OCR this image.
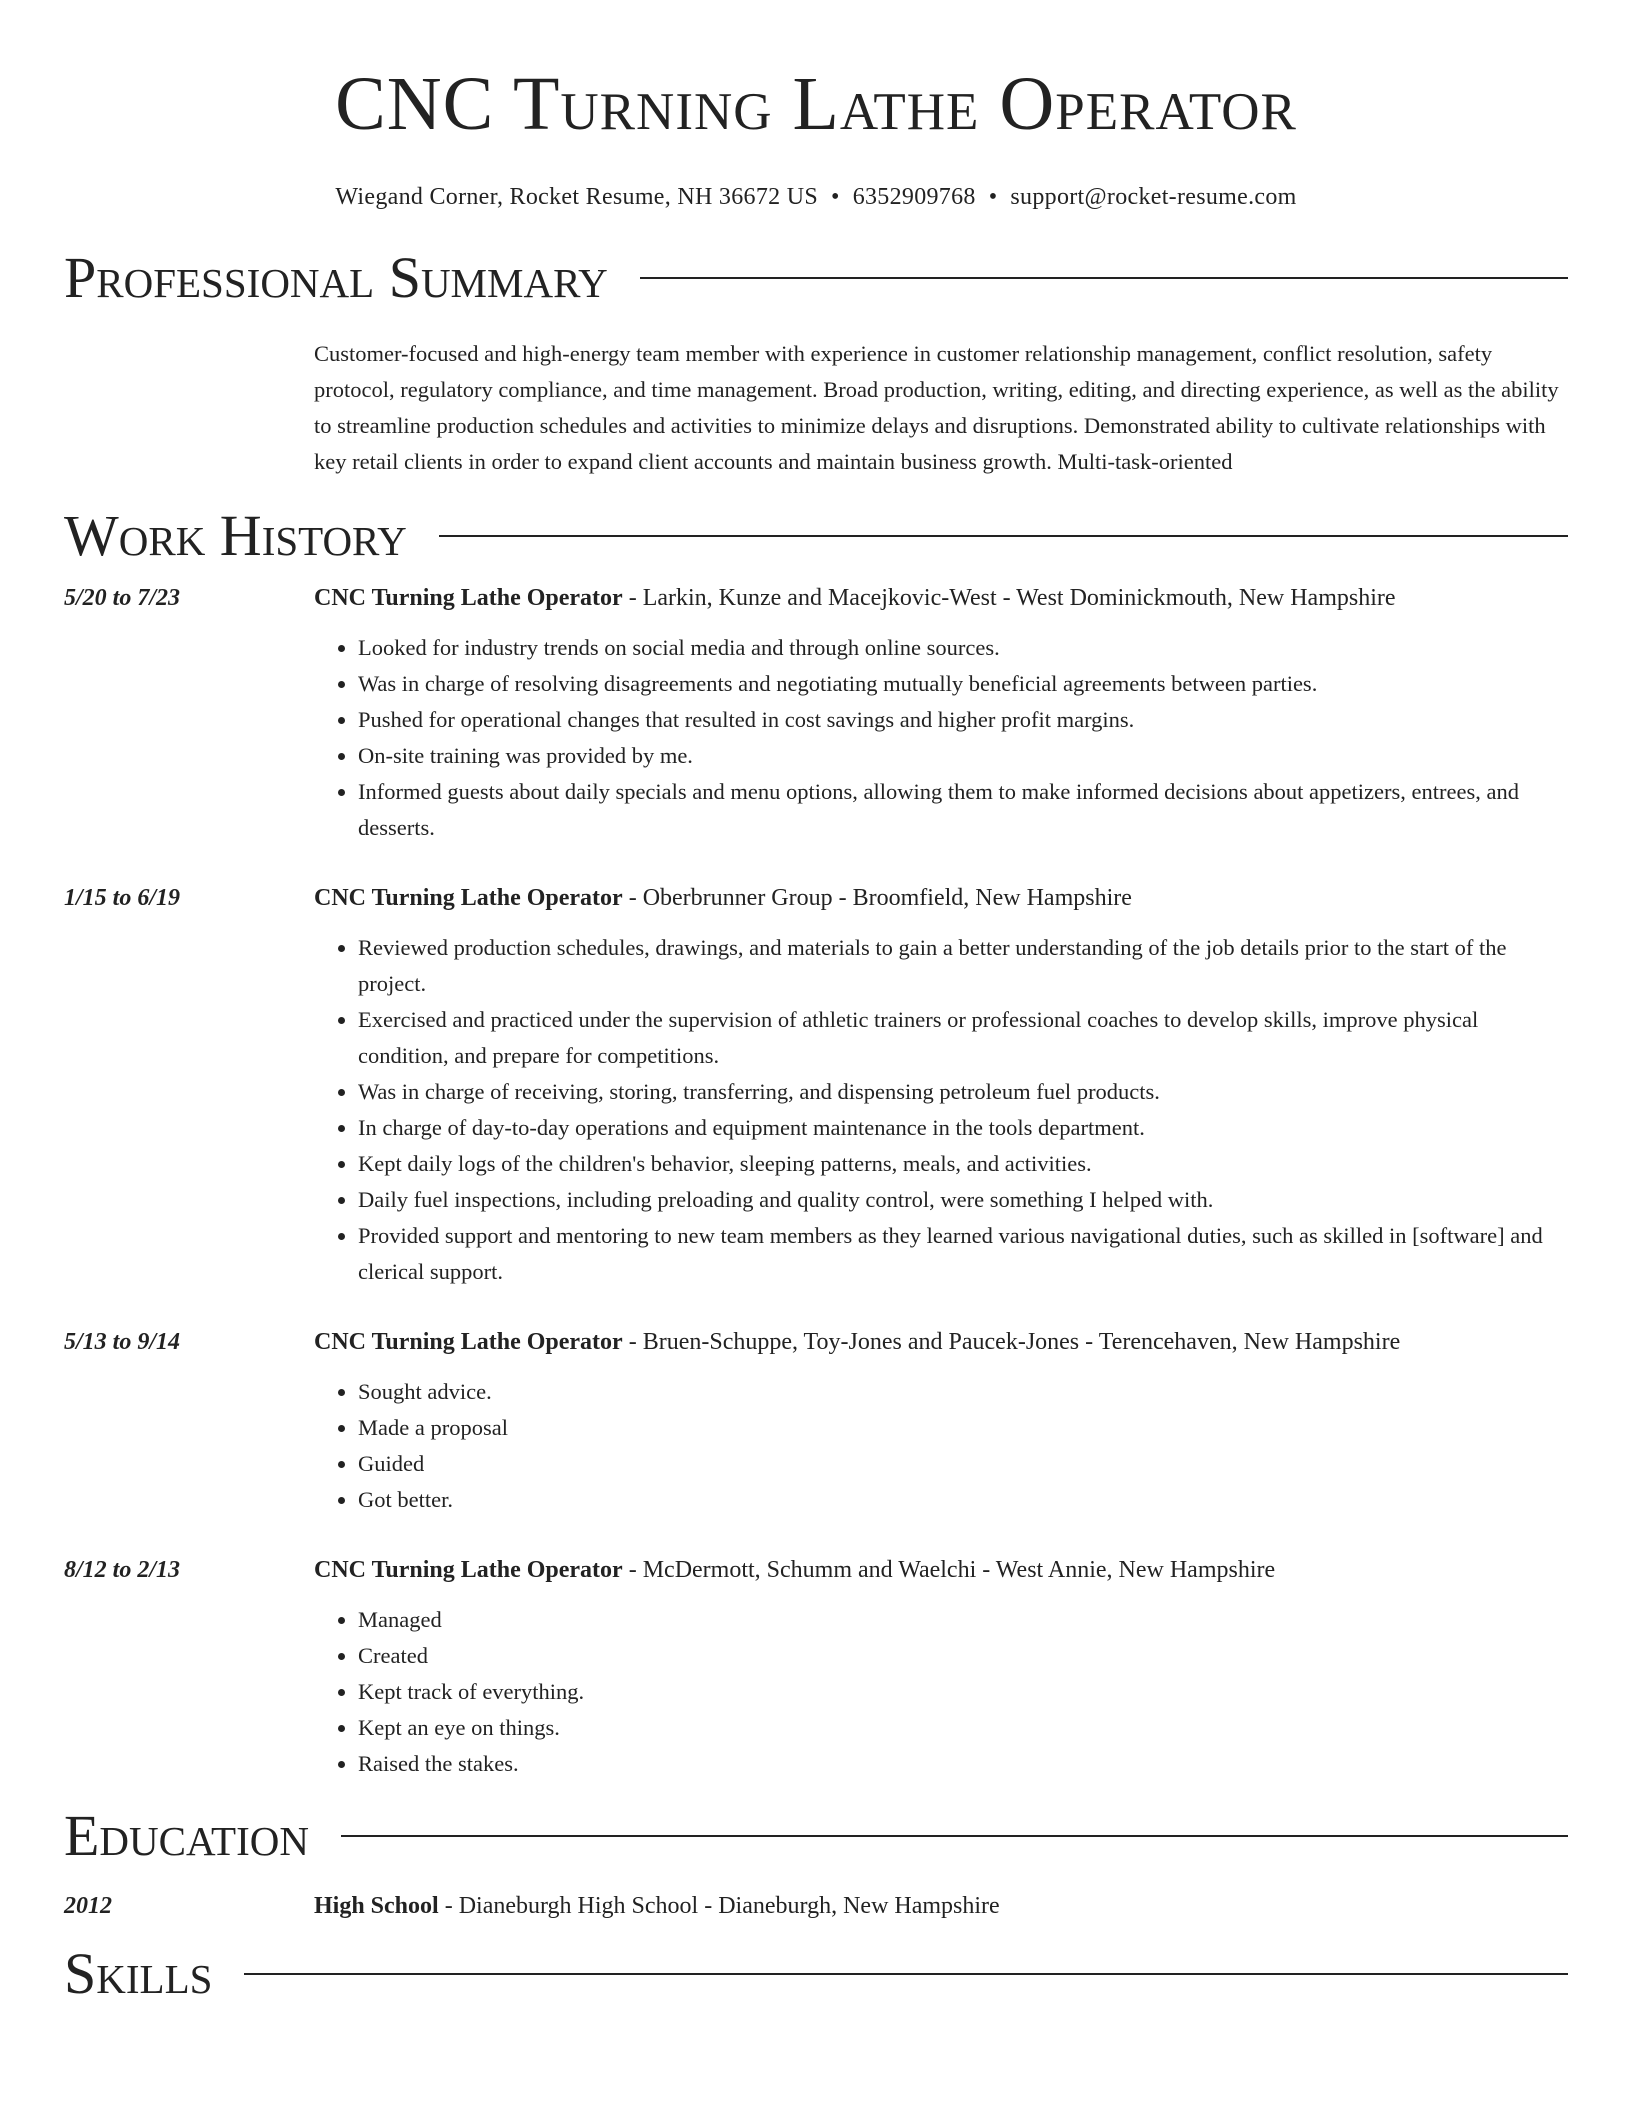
CNC Turning Lathe Operator
Wiegand Corner, Rocket Resume, NH 36672 US • 6352909768 • support@rocket-resume.com
Professional Summary

Customer-focused and high-energy team member with experience in customer relationship management, conflict resolution, safety protocol, regulatory compliance, and time management. Broad production, writing, editing, and directing experience, as well as the ability to streamline production schedules and activities to minimize delays and disruptions. Demonstrated ability to cultivate relationships with key retail clients in order to expand client accounts and maintain business growth. Multi-task-oriented

Work History
5/20 to 7/23	CNC Turning Lathe Operator - Larkin, Kunze and Macejkovic-West - West Dominickmouth, New Hampshire
• Looked for industry trends on social media and through online sources.
• Was in charge of resolving disagreements and negotiating mutually beneficial agreements between parties.
• Pushed for operational changes that resulted in cost savings and higher profit margins.
• On-site training was provided by me.
• Informed guests about daily specials and menu options, allowing them to make informed decisions about appetizers, entrees, and desserts.
1/15 to 6/19	CNC Turning Lathe Operator - Oberbrunner Group - Broomfield, New Hampshire
• Reviewed production schedules, drawings, and materials to gain a better understanding of the job details prior to the start of the project.
• Exercised and practiced under the supervision of athletic trainers or professional coaches to develop skills, improve physical condition, and prepare for competitions.
• Was in charge of receiving, storing, transferring, and dispensing petroleum fuel products.
• In charge of day-to-day operations and equipment maintenance in the tools department.
• Kept daily logs of the children's behavior, sleeping patterns, meals, and activities.
• Daily fuel inspections, including preloading and quality control, were something I helped with.
• Provided support and mentoring to new team members as they learned various navigational duties, such as skilled in [software] and clerical support.
5/13 to 9/14	CNC Turning Lathe Operator - Bruen-Schuppe, Toy-Jones and Paucek-Jones - Terencehaven, New Hampshire
• Sought advice.
• Made a proposal
• Guided
• Got better.
8/12 to 2/13	CNC Turning Lathe Operator - McDermott, Schumm and Waelchi - West Annie, New Hampshire
• Managed
• Created
• Kept track of everything.
• Kept an eye on things.
• Raised the stakes.
Education
2012	High School - Dianeburgh High School - Dianeburgh, New Hampshire
Skills
